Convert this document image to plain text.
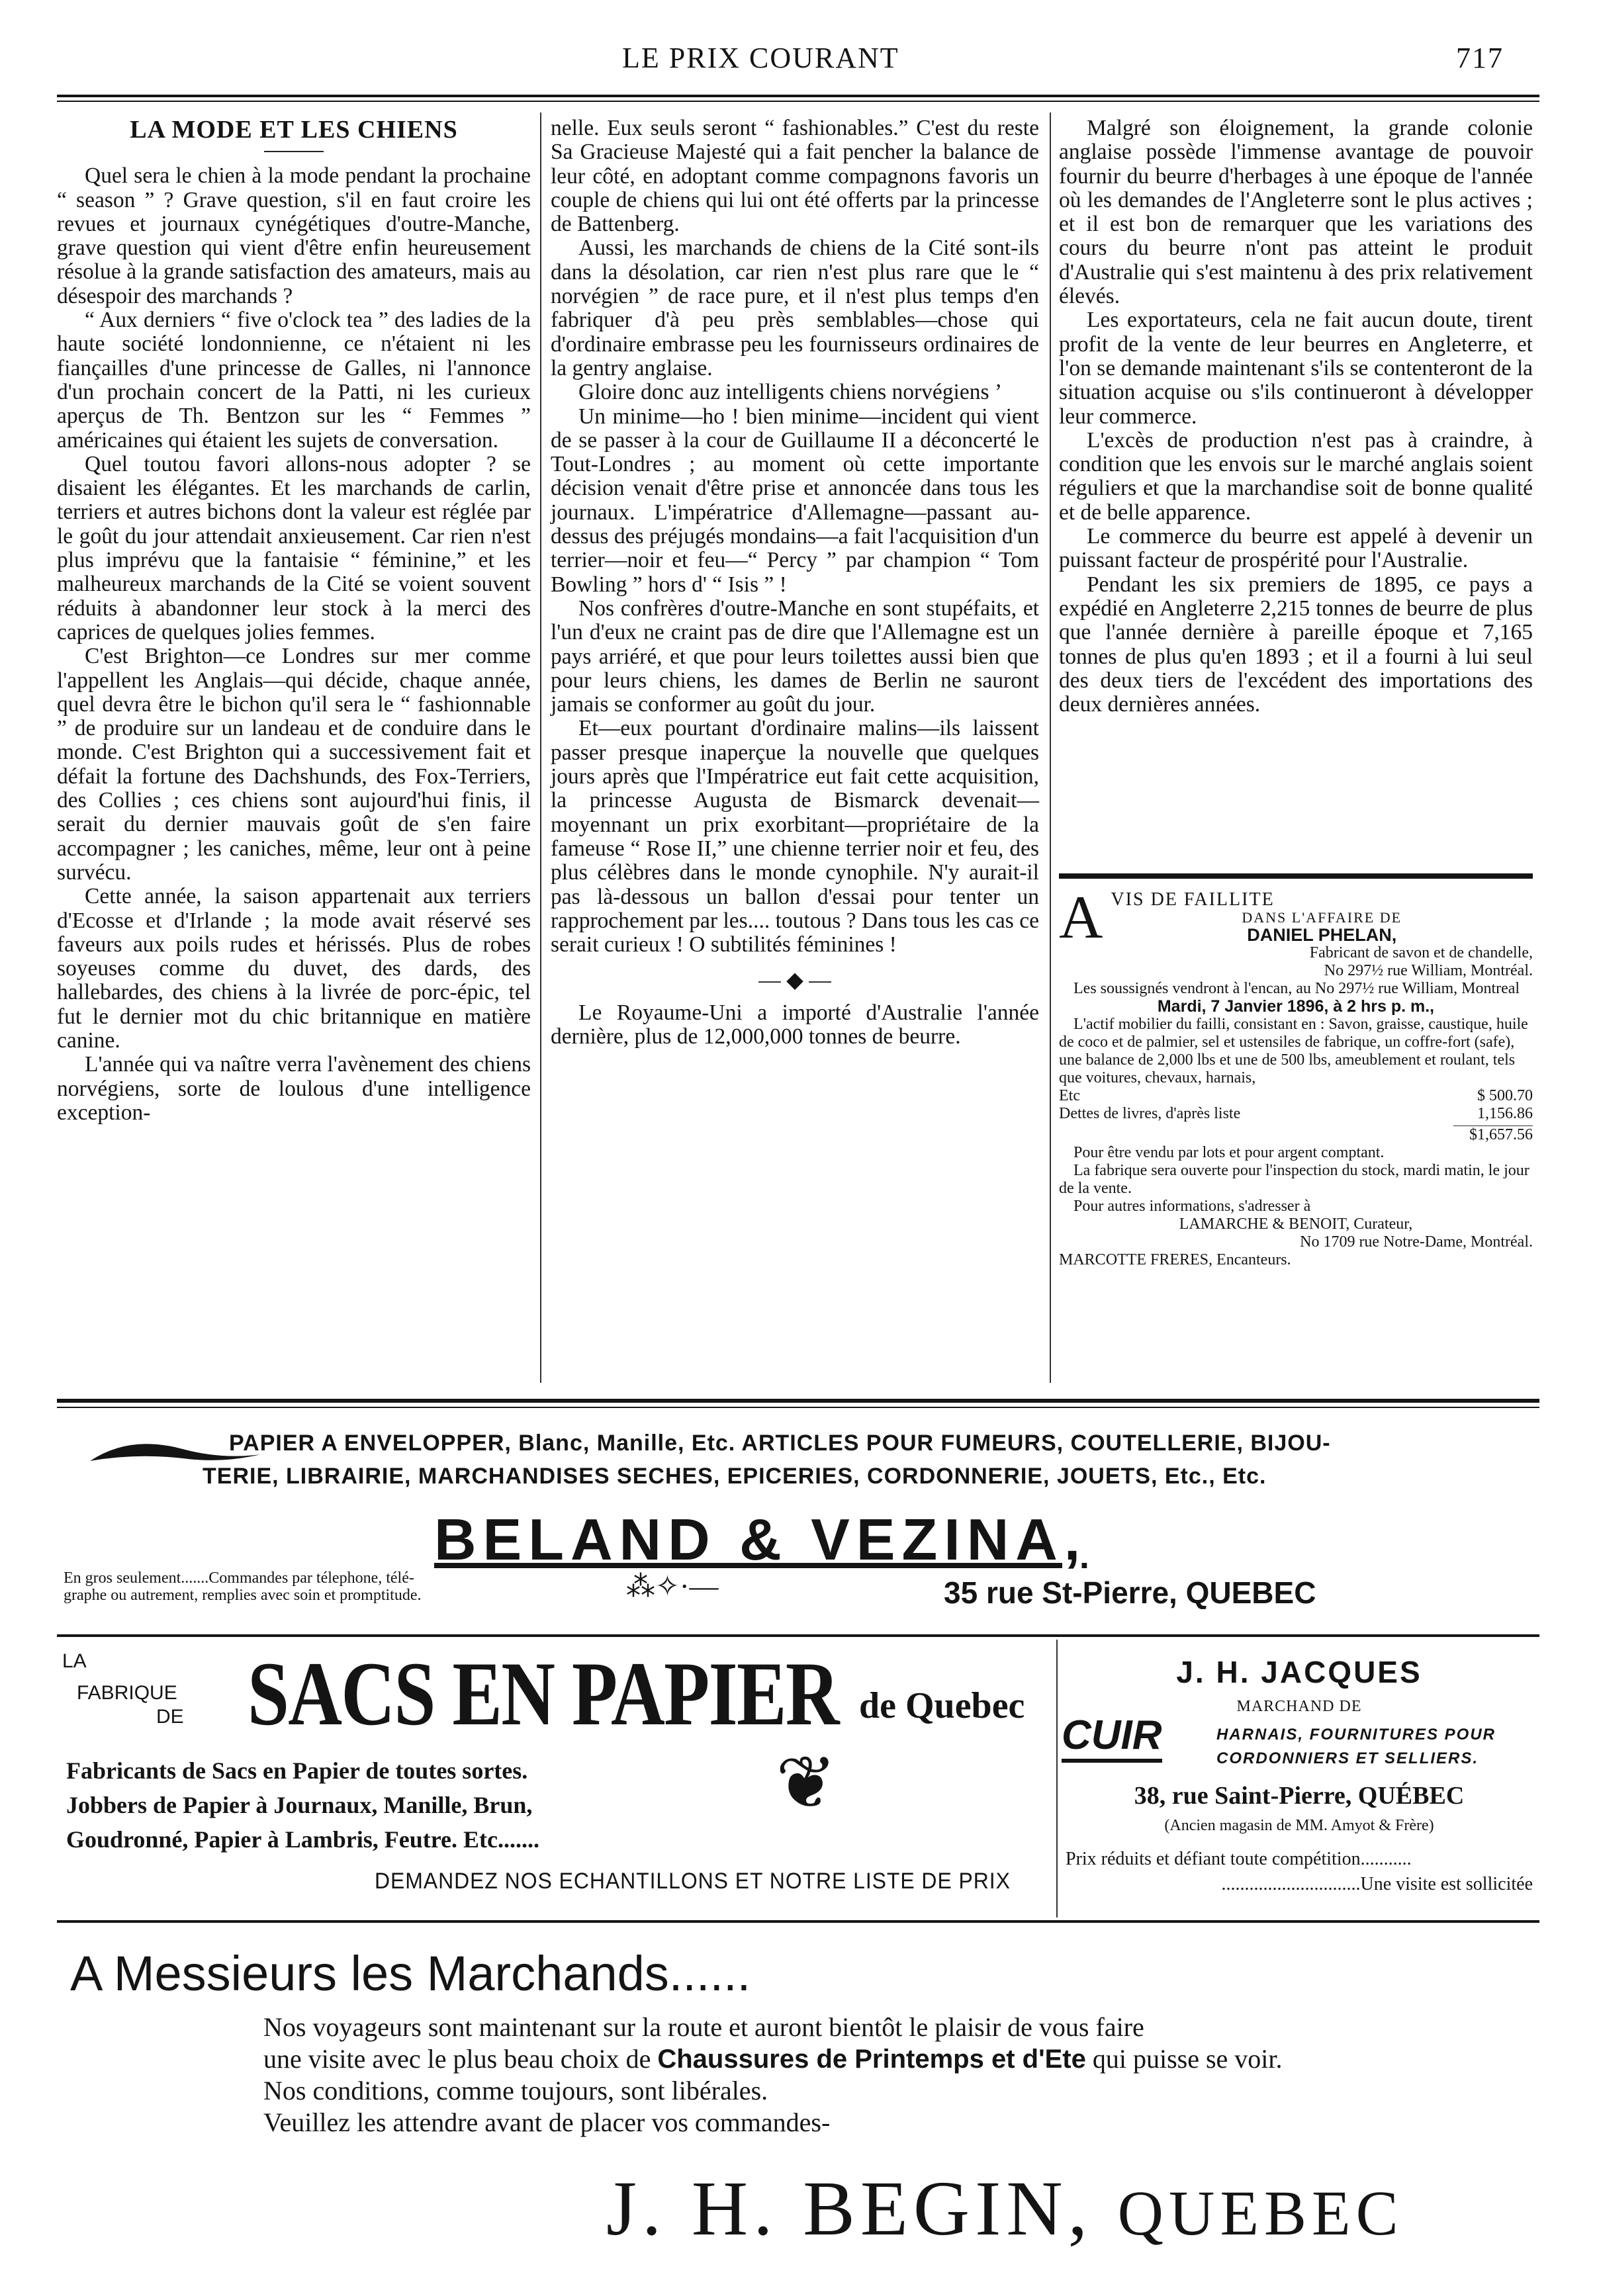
LE PRIX COURANT	717
LA MODE ET LES CHIENS

Quel sera le chien à la mode pendant la prochaine “ season ” ? Grave question, s'il en faut croire les revues et journaux cynégétiques d'outre-Manche, grave question qui vient d'être enfin heureusement résolue à la grande satisfaction des amateurs, mais au désespoir des marchands ?

“ Aux derniers “ five o'clock tea ” des ladies de la haute société londonnienne, ce n'étaient ni les fiançailles d'une princesse de Galles, ni l'annonce d'un prochain concert de la Patti, ni les curieux aperçus de Th. Bentzon sur les “ Femmes ” américaines qui étaient les sujets de conversation.

Quel toutou favori allons-nous adopter ? se disaient les élégantes. Et les marchands de carlin, terriers et autres bichons dont la valeur est réglée par le goût du jour attendait anxieusement. Car rien n'est plus imprévu que la fantaisie “ féminine,” et les malheureux marchands de la Cité se voient souvent réduits à abandonner leur stock à la merci des caprices de quelques jolies femmes.

C'est Brighton—ce Londres sur mer comme l'appellent les Anglais—qui décide, chaque année, quel devra être le bichon qu'il sera le “ fashionnable ” de produire sur un landeau et de conduire dans le monde. C'est Brighton qui a successivement fait et défait la fortune des Dachshunds, des Fox-Terriers, des Collies ; ces chiens sont aujourd'hui finis, il serait du dernier mauvais goût de s'en faire accompagner ; les caniches, même, leur ont à peine survécu.

Cette année, la saison appartenait aux terriers d'Ecosse et d'Irlande ; la mode avait réservé ses faveurs aux poils rudes et hérissés. Plus de robes soyeuses comme du duvet, des dards, des hallebardes, des chiens à la livrée de porc-épic, tel fut le dernier mot du chic britannique en matière canine.

L'année qui va naître verra l'avènement des chiens norvégiens, sorte de loulous d'une intelligence exception-

nelle. Eux seuls seront “ fashionables.” C'est du reste Sa Gracieuse Majesté qui a fait pencher la balance de leur côté, en adoptant comme compagnons favoris un couple de chiens qui lui ont été offerts par la princesse de Battenberg.

Aussi, les marchands de chiens de la Cité sont-ils dans la désolation, car rien n'est plus rare que le “ norvégien ” de race pure, et il n'est plus temps d'en fabriquer d'à peu près semblables—chose qui d'ordinaire embrasse peu les fournisseurs ordinaires de la gentry anglaise.

Gloire donc auz intelligents chiens norvégiens ’

Un minime—ho ! bien minime—incident qui vient de se passer à la cour de Guillaume II a déconcerté le Tout-Londres ; au moment où cette importante décision venait d'être prise et annoncée dans tous les journaux. L'impératrice d'Allemagne—passant au-dessus des préjugés mondains—a fait l'acquisition d'un terrier—noir et feu—“ Percy ” par champion “ Tom Bowling ” hors d' “ Isis ” !

Nos confrères d'outre-Manche en sont stupéfaits, et l'un d'eux ne craint pas de dire que l'Allemagne est un pays arriéré, et que pour leurs toilettes aussi bien que pour leurs chiens, les dames de Berlin ne sauront jamais se conformer au goût du jour.

Et—eux pourtant d'ordinaire malins—ils laissent passer presque inaperçue la nouvelle que quelques jours après que l'Impératrice eut fait cette acquisition, la princesse Augusta de Bismarck devenait—moyennant un prix exorbitant—propriétaire de la fameuse “ Rose II,” une chienne terrier noir et feu, des plus célèbres dans le monde cynophile. N'y aurait-il pas là-dessous un ballon d'essai pour tenter un rapprochement par les.... toutous ? Dans tous les cas ce serait curieux ! O subtilités féminines !

— ◆ —

Le Royaume-Uni a importé d'Australie l'année dernière, plus de 12,000,000 tonnes de beurre.

Malgré son éloignement, la grande colonie anglaise possède l'immense avantage de pouvoir fournir du beurre d'herbages à une époque de l'année où les demandes de l'Angleterre sont le plus actives ; et il est bon de remarquer que les variations des cours du beurre n'ont pas atteint le produit d'Australie qui s'est maintenu à des prix relativement élevés.

Les exportateurs, cela ne fait aucun doute, tirent profit de la vente de leur beurres en Angleterre, et l'on se demande maintenant s'ils se contenteront de la situation acquise ou s'ils continueront à développer leur commerce.

L'excès de production n'est pas à craindre, à condition que les envois sur le marché anglais soient réguliers et que la marchandise soit de bonne qualité et de belle apparence.

Le commerce du beurre est appelé à devenir un puissant facteur de prospérité pour l'Australie.

Pendant les six premiers de 1895, ce pays a expédié en Angleterre 2,215 tonnes de beurre de plus que l'année dernière à pareille époque et 7,165 tonnes de plus qu'en 1893 ; et il a fourni à lui seul des deux tiers de l'excédent des importations des deux dernières années.

A VIS DE FAILLITE
DANS L'AFFAIRE DE
DANIEL PHELAN,
Fabricant de savon et de chandelle,
No 297½ rue William, Montréal.
Les soussignés vendront à l'encan, au No 297½ rue William, Montreal
Mardi, 7 Janvier 1896, à 2 hrs p. m.,
L'actif mobilier du failli, consistant en : Savon, graisse, caustique, huile de coco et de palmier, sel et ustensiles de fabrique, un coffre-fort (safe), une balance de 2,000 lbs et une de 500 lbs, ameublement et roulant, tels que voitures, chevaux, harnais,
Etc	$ 500.70
Dettes de livres, d'après liste	1,156.86
$1,657.56
Pour être vendu par lots et pour argent comptant.
La fabrique sera ouverte pour l'inspection du stock, mardi matin, le jour de la vente.
Pour autres informations, s'adresser à
LAMARCHE & BENOIT, Curateur,
No 1709 rue Notre-Dame, Montréal.
MARCOTTE FRERES, Encanteurs.
PAPIER A ENVELOPPER, Blanc, Manille, Etc. ARTICLES POUR FUMEURS, COUTELLERIE, BIJOU-
TERIE, LIBRAIRIE, MARCHANDISES SECHES, EPICERIES, CORDONNERIE, JOUETS, Etc., Etc.
BELAND & VEZINA,
En gros seulement.......Commandes par télephone, télé-
graphe ou autrement, remplies avec soin et promptitude.	⁂✧·—	35 rue St-Pierre, QUEBEC
LA
FABRIQUE
DE SACS EN PAPIER de Quebec
Fabricants de Sacs en Papier de toutes sortes.
Jobbers de Papier à Journaux, Manille, Brun,
Goudronné, Papier à Lambris, Feutre. Etc.......
❦
DEMANDEZ NOS ECHANTILLONS ET NOTRE LISTE DE PRIX
J. H. JACQUES
MARCHAND DE
CUIR	HARNAIS, FOURNITURES POUR
CORDONNIERS ET SELLIERS.
38, rue Saint-Pierre, QUÉBEC
(Ancien magasin de MM. Amyot & Frère)
Prix réduits et défiant toute compétition...........
..............................Une visite est sollicitée
A Messieurs les Marchands......
Nos voyageurs sont maintenant sur la route et auront bientôt le plaisir de vous faire
une visite avec le plus beau choix de Chaussures de Printemps et d'Ete qui puisse se voir.
Nos conditions, comme toujours, sont libérales.
Veuillez les attendre avant de placer vos commandes-
J. H. BEGIN, QUEBEC
